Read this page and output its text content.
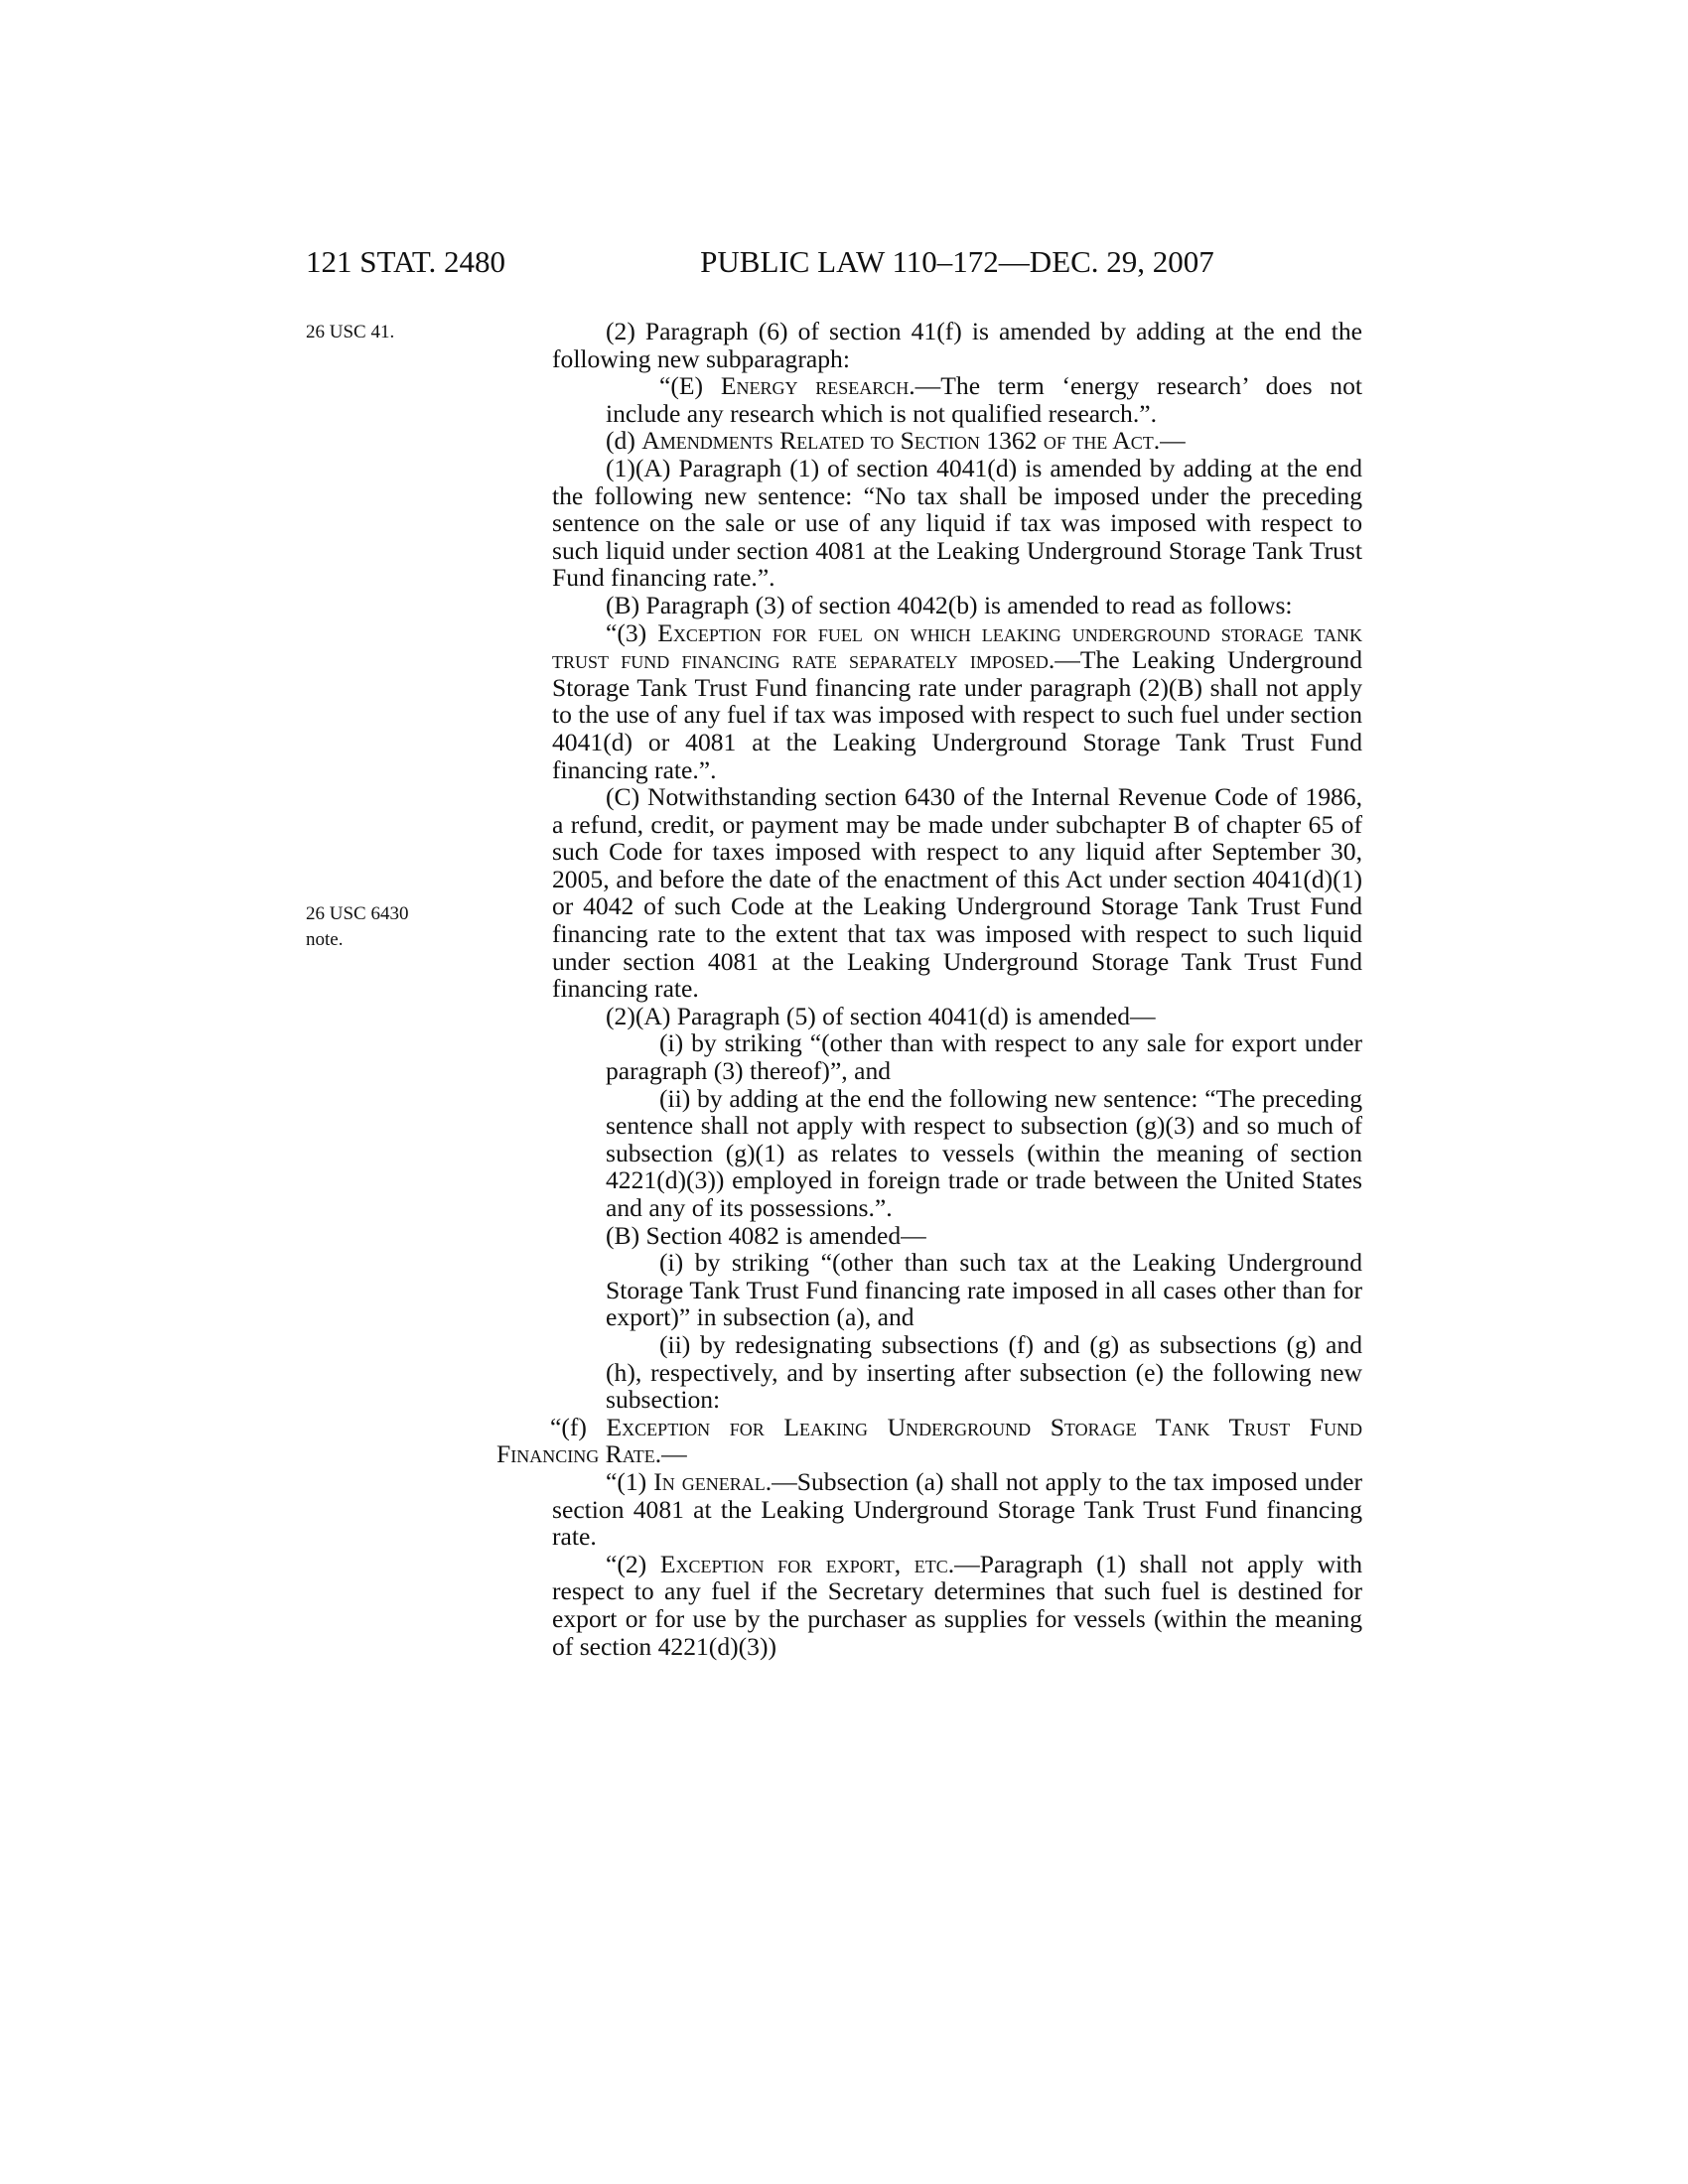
121 STAT. 2480	PUBLIC LAW 110–172—DEC. 29, 2007
26 USC 41.
26 USC 6430
note.

(2) Paragraph (6) of section 41(f) is amended by adding at the end the following new subparagraph:

“(E) Energy research.—The term ‘energy research’ does not include any research which is not qualified research.”.

(d) Amendments Related to Section 1362 of the Act.—

(1)(A) Paragraph (1) of section 4041(d) is amended by adding at the end the following new sentence: “No tax shall be imposed under the preceding sentence on the sale or use of any liquid if tax was imposed with respect to such liquid under section 4081 at the Leaking Underground Storage Tank Trust Fund financing rate.”.

(B) Paragraph (3) of section 4042(b) is amended to read as follows:

“(3) Exception for fuel on which leaking underground storage tank trust fund financing rate separately imposed.—The Leaking Underground Storage Tank Trust Fund financing rate under paragraph (2)(B) shall not apply to the use of any fuel if tax was imposed with respect to such fuel under section 4041(d) or 4081 at the Leaking Underground Storage Tank Trust Fund financing rate.”.

(C) Notwithstanding section 6430 of the Internal Revenue Code of 1986, a refund, credit, or payment may be made under subchapter B of chapter 65 of such Code for taxes imposed with respect to any liquid after September 30, 2005, and before the date of the enactment of this Act under section 4041(d)(1) or 4042 of such Code at the Leaking Underground Storage Tank Trust Fund financing rate to the extent that tax was imposed with respect to such liquid under section 4081 at the Leaking Underground Storage Tank Trust Fund financing rate.

(2)(A) Paragraph (5) of section 4041(d) is amended—

(i) by striking “(other than with respect to any sale for export under paragraph (3) thereof)”, and

(ii) by adding at the end the following new sentence: “The preceding sentence shall not apply with respect to subsection (g)(3) and so much of subsection (g)(1) as relates to vessels (within the meaning of section 4221(d)(3)) employed in foreign trade or trade between the United States and any of its possessions.”.

(B) Section 4082 is amended—

(i) by striking “(other than such tax at the Leaking Underground Storage Tank Trust Fund financing rate imposed in all cases other than for export)” in subsection (a), and

(ii) by redesignating subsections (f) and (g) as subsections (g) and (h), respectively, and by inserting after subsection (e) the following new subsection:

“(f) Exception for Leaking Underground Storage Tank Trust Fund Financing Rate.—

“(1) In general.—Subsection (a) shall not apply to the tax imposed under section 4081 at the Leaking Underground Storage Tank Trust Fund financing rate.

“(2) Exception for export, etc.—Paragraph (1) shall not apply with respect to any fuel if the Secretary determines that such fuel is destined for export or for use by the purchaser as supplies for vessels (within the meaning of section 4221(d)(3))
